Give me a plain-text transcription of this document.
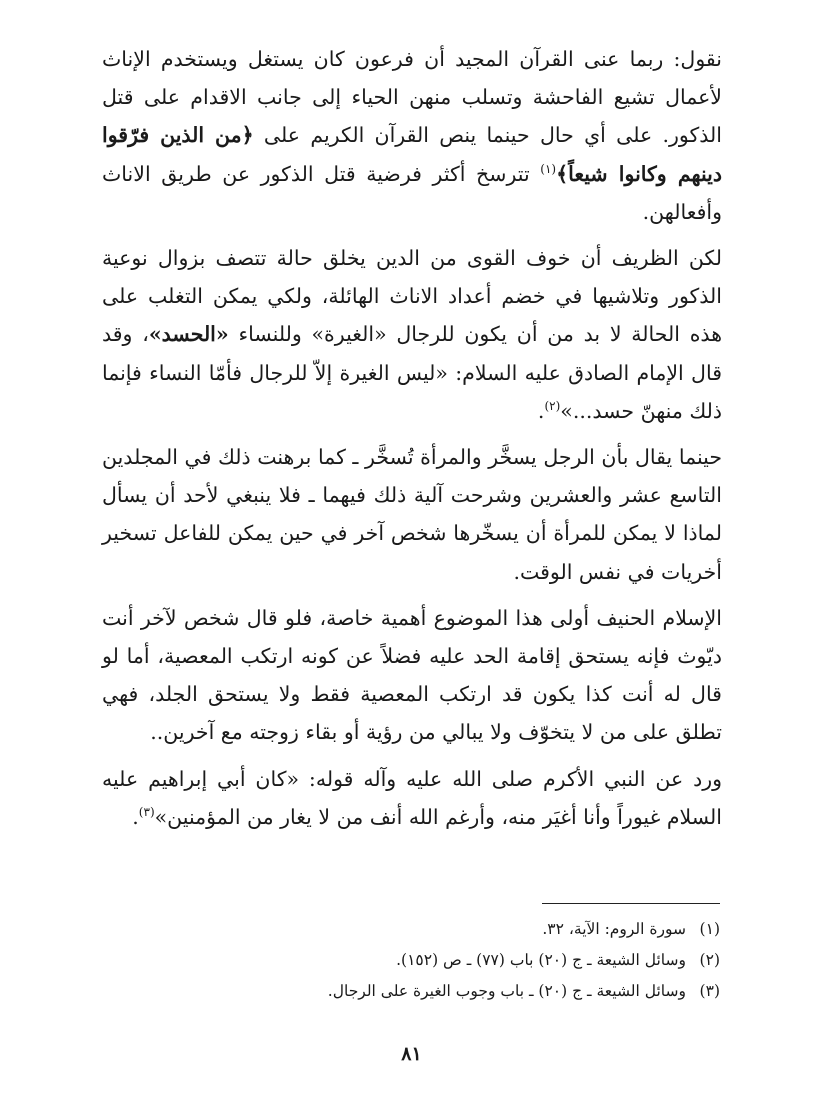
نقول: ربما عنى القرآن المجيد أن فرعون كان يستغل ويستخدم الإناث لأعمال تشيع الفاحشة وتسلب منهن الحياء إلى جانب الاقدام على قتل الذكور. على أي حال حينما ينص القرآن الكريم على ﴿من الذين فرّقوا دينهم وكانوا شيعاً﴾$^{(١)}$ تترسخ أكثر فرضية قتل الذكور عن طريق الاناث وأفعالهن.

لكن الظريف أن خوف القوى من الدين يخلق حالة تتصف بزوال نوعية الذكور وتلاشيها في خضم أعداد الاناث الهائلة، ولكي يمكن التغلب على هذه الحالة لا بد من أن يكون للرجال «الغيرة» وللنساء «الحسد»، وقد قال الإمام الصادق عليه السلام: «ليس الغيرة إلاّ للرجال فأمّا النساء فإنما ذلك منهنّ حسد...»$^{(٢)}$.

حينما يقال بأن الرجل يسخَّر والمرأة تُسخَّر ـ كما برهنت ذلك في المجلدين التاسع عشر والعشرين وشرحت آلية ذلك فيهما ـ فلا ينبغي لأحد أن يسأل لماذا لا يمكن للمرأة أن يسخّرها شخص آخر في حين يمكن للفاعل تسخير أخريات في نفس الوقت.

الإسلام الحنيف أولى هذا الموضوع أهمية خاصة، فلو قال شخص لآخر أنت ديّوث فإنه يستحق إقامة الحد عليه فضلاً عن كونه ارتكب المعصية، أما لو قال له أنت كذا يكون قد ارتكب المعصية فقط ولا يستحق الجلد، فهي تطلق على من لا يتخوّف ولا يبالي من رؤية أو بقاء زوجته مع آخرين..

ورد عن النبي الأكرم صلى الله عليه وآله قوله: «كان أبي إبراهيم عليه السلام غيوراً وأنا أغيَر منه، وأرغم الله أنف من لا يغار من المؤمنين»$^{(٣)}$.

(١)سورة الروم: الآية، ٣٢.
(٢)وسائل الشيعة ـ ج (٢٠) باب (٧٧) ـ ص (١٥٢).
(٣)وسائل الشيعة ـ ج (٢٠) ـ باب وجوب الغيرة على الرجال.
٨١
